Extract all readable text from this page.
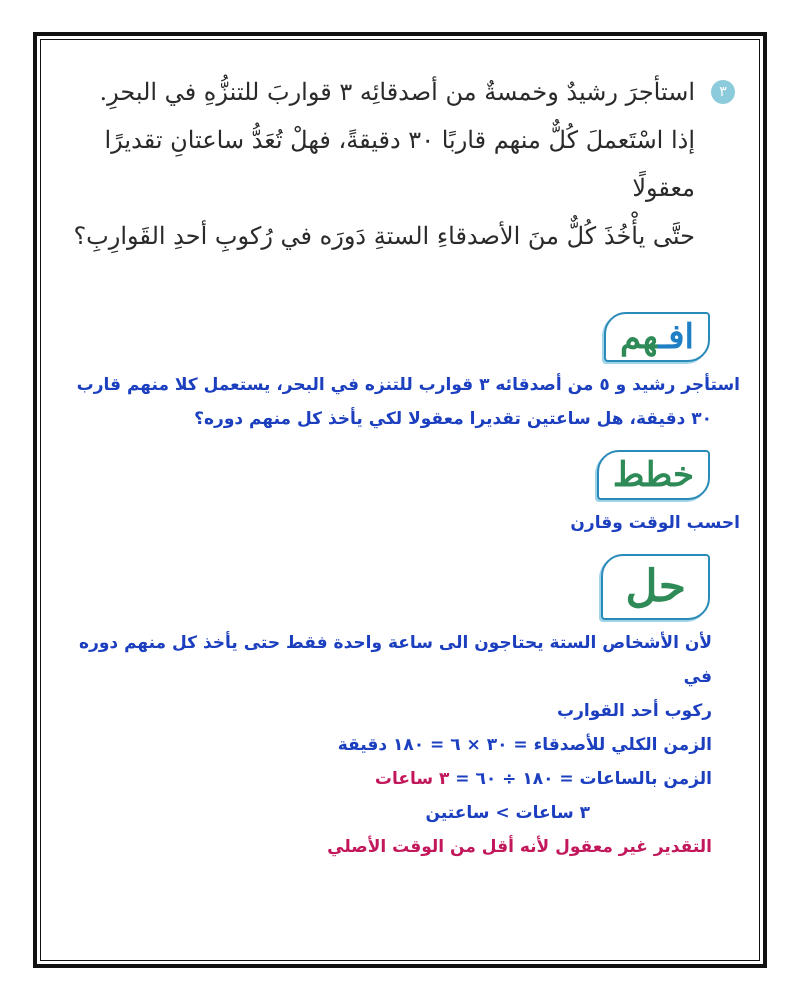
٣

استأجرَ رشيدٌ وخمسةٌ من أصدقائِه ٣ قواربَ للتنزُّهِ في البحرِ.

إذا اسْتَعملَ كُلٌّ منهم قاربًا ٣٠ دقيقةً، فهلْ تُعَدُّ ساعتانِ تقديرًا معقولًا

حتَّى يأْخُذَ كُلٌّ منَ الأصدقاءِ الستةِ دَورَه في رُكوبِ أحدِ القَوارِبِ؟

افـهم

استأجر رشيد و ٥ من أصدقائه ٣ قوارب للتنزه في البحر، يستعمل كلا منهم قارب

٣٠ دقيقة، هل ساعتين تقديرا معقولا لكي يأخذ كل منهم دوره؟

خطط

احسب الوقت وقارن

حل

لأن الأشخاص الستة يحتاجون الى ساعة واحدة فقط حتى يأخذ كل منهم دوره في

ركوب أحد القوارب

الزمن الكلي للأصدقاء = ٣٠ × ٦ = ١٨٠ دقيقة

الزمن بالساعات = ١٨٠ ÷ ٦٠ = ٣ ساعات

٣ ساعات > ساعتين

التقدير غير معقول لأنه أقل من الوقت الأصلي
